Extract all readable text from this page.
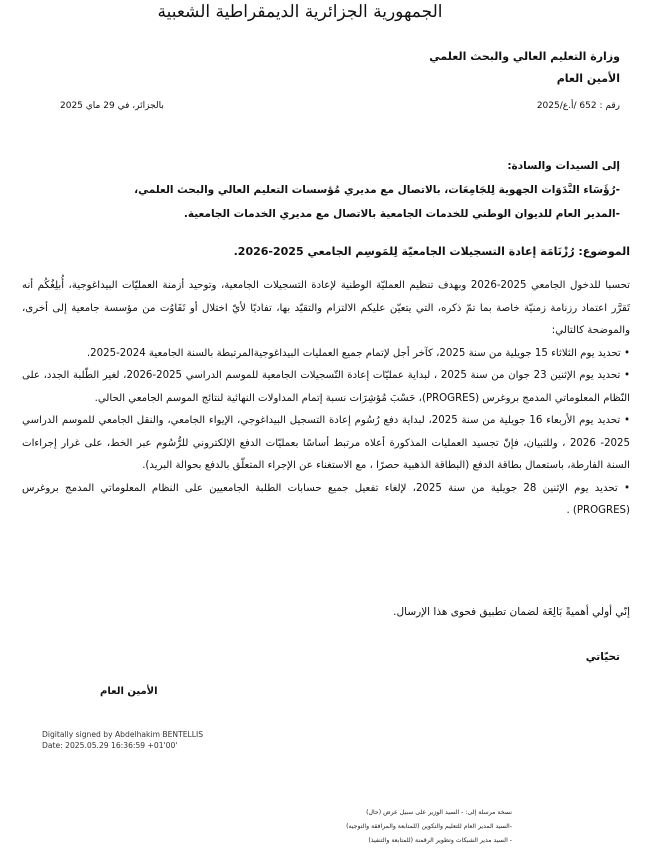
الجمهورية الجزائرية الديمقراطية الشعبية
وزارة التعليم العالي والبحث العلمي
الأمين العام
رقم : 652 /أ.ع/2025
بالجزائر، في 29 ماي 2025
إلى السيدات والسادة:
-رُؤَسَاء النَّدَوَات الجهوية لِلجَامِعَات، بالاتصال مع مديري مُؤسسات التعليم العالي والبحث العلمي،
-المدير العام للديوان الوطني للخدمات الجامعية بالاتصال مع مديري الخدمات الجامعية.
الموضوع: رُزْنَامَة إعادة التسجيلات الجامعيّة لِلمَوسِم الجامعي 2025-2026.

تحسبا للدخول الجامعي 2025-2026 وبهدف تنظيم العمليّة الوطنية لإعادة التسجيلات الجامعية، وتوحيد أزمنة العمليّات البيداغوجية، أُبلِغُكُم أنه تَقرَّر اعتماد رزنامة زمنيّة خاصة بما تمّ ذكره، التي يتعيّن عليكم الالتزام والتقيّد بها، تفاديًا لأيّ اختلال أو تَفَاوُت من مؤسسة جامعية إلى أخرى، والموضحة كالتالي:

• تحديد يوم الثلاثاء 15 جويلية من سنة 2025، كآخر أجل لإتمام جميع العمليات البيداغوجيةالمرتبطة بالسنة الجامعية 2024-2025.

• تحديد يوم الإثنين 23 جوان من سنة 2025 ، لبداية عمليّات إعادة التّسجيلات الجامعية للموسم الدراسي 2025-2026، لغير الطّلبة الجدد، على النّظام المعلوماتي المدمج بروغرس (PROGRES)، حَسْبَ مُؤشِرَات نسبة إتمام المداولات النهائية لنتائج الموسم الجامعي الحالي.

• تحديد يوم الأربعاء 16 جويلية من سنة 2025، لبداية دفع رُسُوم إعادة التسجيل البيداغوجي، الإيواء الجامعي، والنقل الجامعي للموسم الدراسي 2025- 2026 ، وللتبيان، فإنّ تجسيد العمليات المذكورة أعلاه مرتبط أساسًا بعمليّات الدفع الإلكتروني للرُّسُوم عبر الخط، على غرار إجراءات السنة الفارطة، باستعمال بطاقة الدفع (البطاقة الذهبية حصرًا ، مع الاستغناء عن الإجراء المتعلّق بالدفع بحوالة البريد).

• تحديد يوم الإثنين 28 جويلية من سنة 2025، لإلغاء تفعيل جميع حسابات الطلبة الجامعيين على النظام المعلوماتي المدمج بروغرس (PROGRES) .

إنّي أولي أهميةً بَالِغَة لضمان تطبيق فحوى هذا الإرسال.
تحيّاتي
الأمين العام
Digitally signed by Abdelhakim BENTELLIS
Date: 2025.05.29 16:36:59 +01'00'
نسخة مرسلة إلى: - السيد الوزير على سبيل عرض (حال)
-السيد المدير العام للتعليم والتكوين (للمتابعة والمرافقة والتوجيه)
- السيد مدير الشبكات وتطوير الرقمنة (للمتابعة والتنفيذ)
